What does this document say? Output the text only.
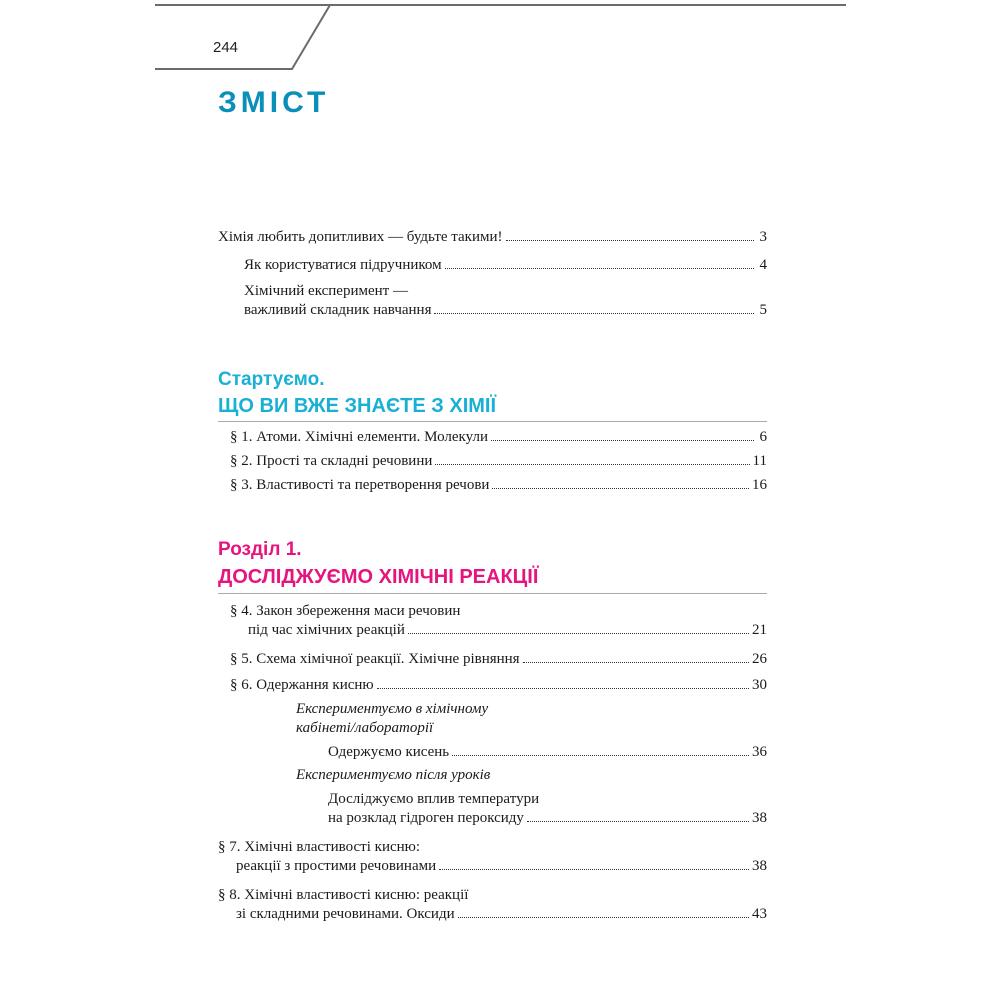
244
ЗМІСТ
Хімія любить допитливих — будьте такими!	3
Як користуватися підручником	4
Хімічний експеримент —
важливий складник навчання	5
Стартуємо.
ЩО ВИ ВЖЕ ЗНАЄТЕ З ХІМІЇ
§ 1. Атоми. Хімічні елементи. Молекули	6
§ 2. Прості та складні речовини	11
§ 3. Властивості та перетворення речови	16
Розділ 1.
ДОСЛІДЖУЄМО ХІМІЧНІ РЕАКЦІЇ
§ 4. Закон збереження маси речовин
під час хімічних реакцій	21
§ 5. Схема хімічної реакції. Хімічне рівняння	26
§ 6. Одержання кисню	30
Експериментуємо в хімічному
кабінеті/лабораторії
Одержуємо кисень	36
Експериментуємо після уроків
Досліджуємо вплив температури
на розклад гідроген пероксиду	38
§ 7. Хімічні властивості кисню:
реакції з простими речовинами	38
§ 8. Хімічні властивості кисню: реакції
зі складними речовинами. Оксиди	43
